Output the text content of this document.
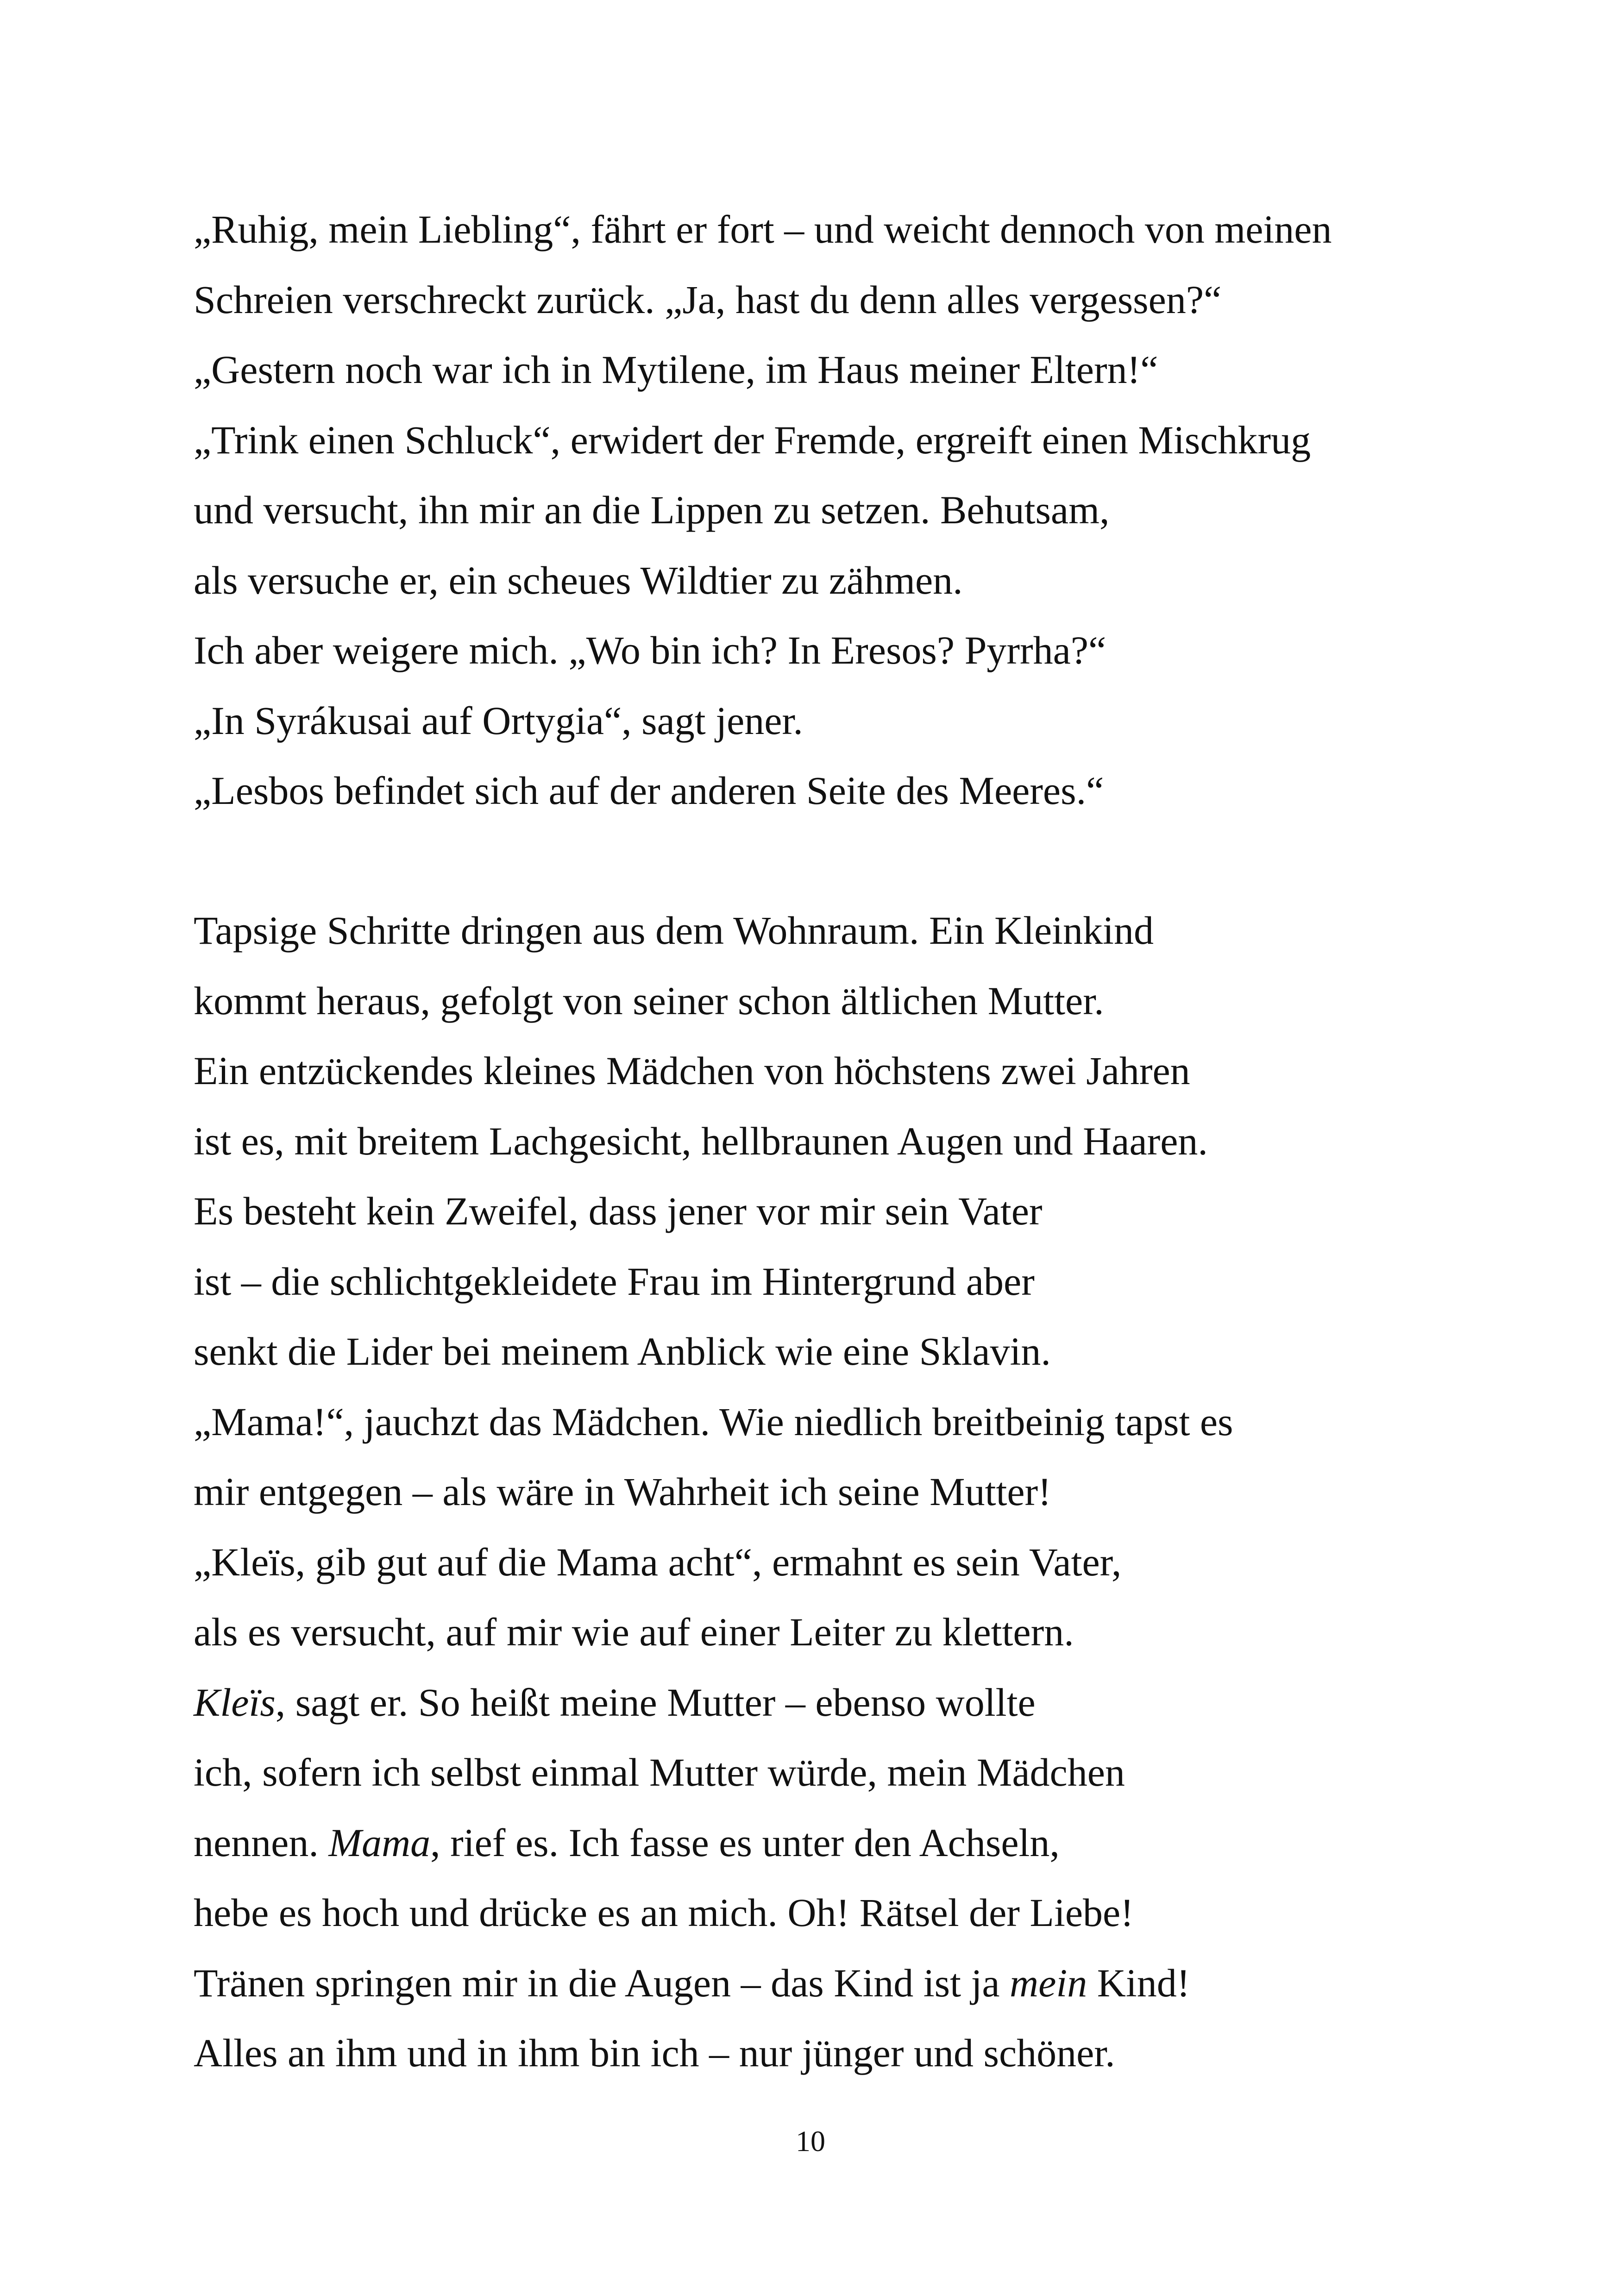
„Ruhig, mein Liebling“, fährt er fort – und weicht dennoch von meinen
Schreien verschreckt zurück. „Ja, hast du denn alles vergessen?“
„Gestern noch war ich in Mytilene, im Haus meiner Eltern!“
„Trink einen Schluck“, erwidert der Fremde, ergreift einen Mischkrug
und versucht, ihn mir an die Lippen zu setzen. Behutsam,
als versuche er, ein scheues Wildtier zu zähmen.
Ich aber weigere mich. „Wo bin ich? In Eresos? Pyrrha?“
„In Syrákusai auf Ortygia“, sagt jener.
„Lesbos befindet sich auf der anderen Seite des Meeres.“
Tapsige Schritte dringen aus dem Wohnraum. Ein Kleinkind
kommt heraus, gefolgt von seiner schon ältlichen Mutter.
Ein entzückendes kleines Mädchen von höchstens zwei Jahren
ist es, mit breitem Lachgesicht, hellbraunen Augen und Haaren.
Es besteht kein Zweifel, dass jener vor mir sein Vater
ist – die schlichtgekleidete Frau im Hintergrund aber
senkt die Lider bei meinem Anblick wie eine Sklavin.
„Mama!“, jauchzt das Mädchen. Wie niedlich breitbeinig tapst es
mir entgegen – als wäre in Wahrheit ich seine Mutter!
„Kleïs, gib gut auf die Mama acht“, ermahnt es sein Vater,
als es versucht, auf mir wie auf einer Leiter zu klettern.
Kleïs, sagt er. So heißt meine Mutter – ebenso wollte
ich, sofern ich selbst einmal Mutter würde, mein Mädchen
nennen. Mama, rief es. Ich fasse es unter den Achseln,
hebe es hoch und drücke es an mich. Oh! Rätsel der Liebe!
Tränen springen mir in die Augen – das Kind ist ja mein Kind!
Alles an ihm und in ihm bin ich – nur jünger und schöner.
10
